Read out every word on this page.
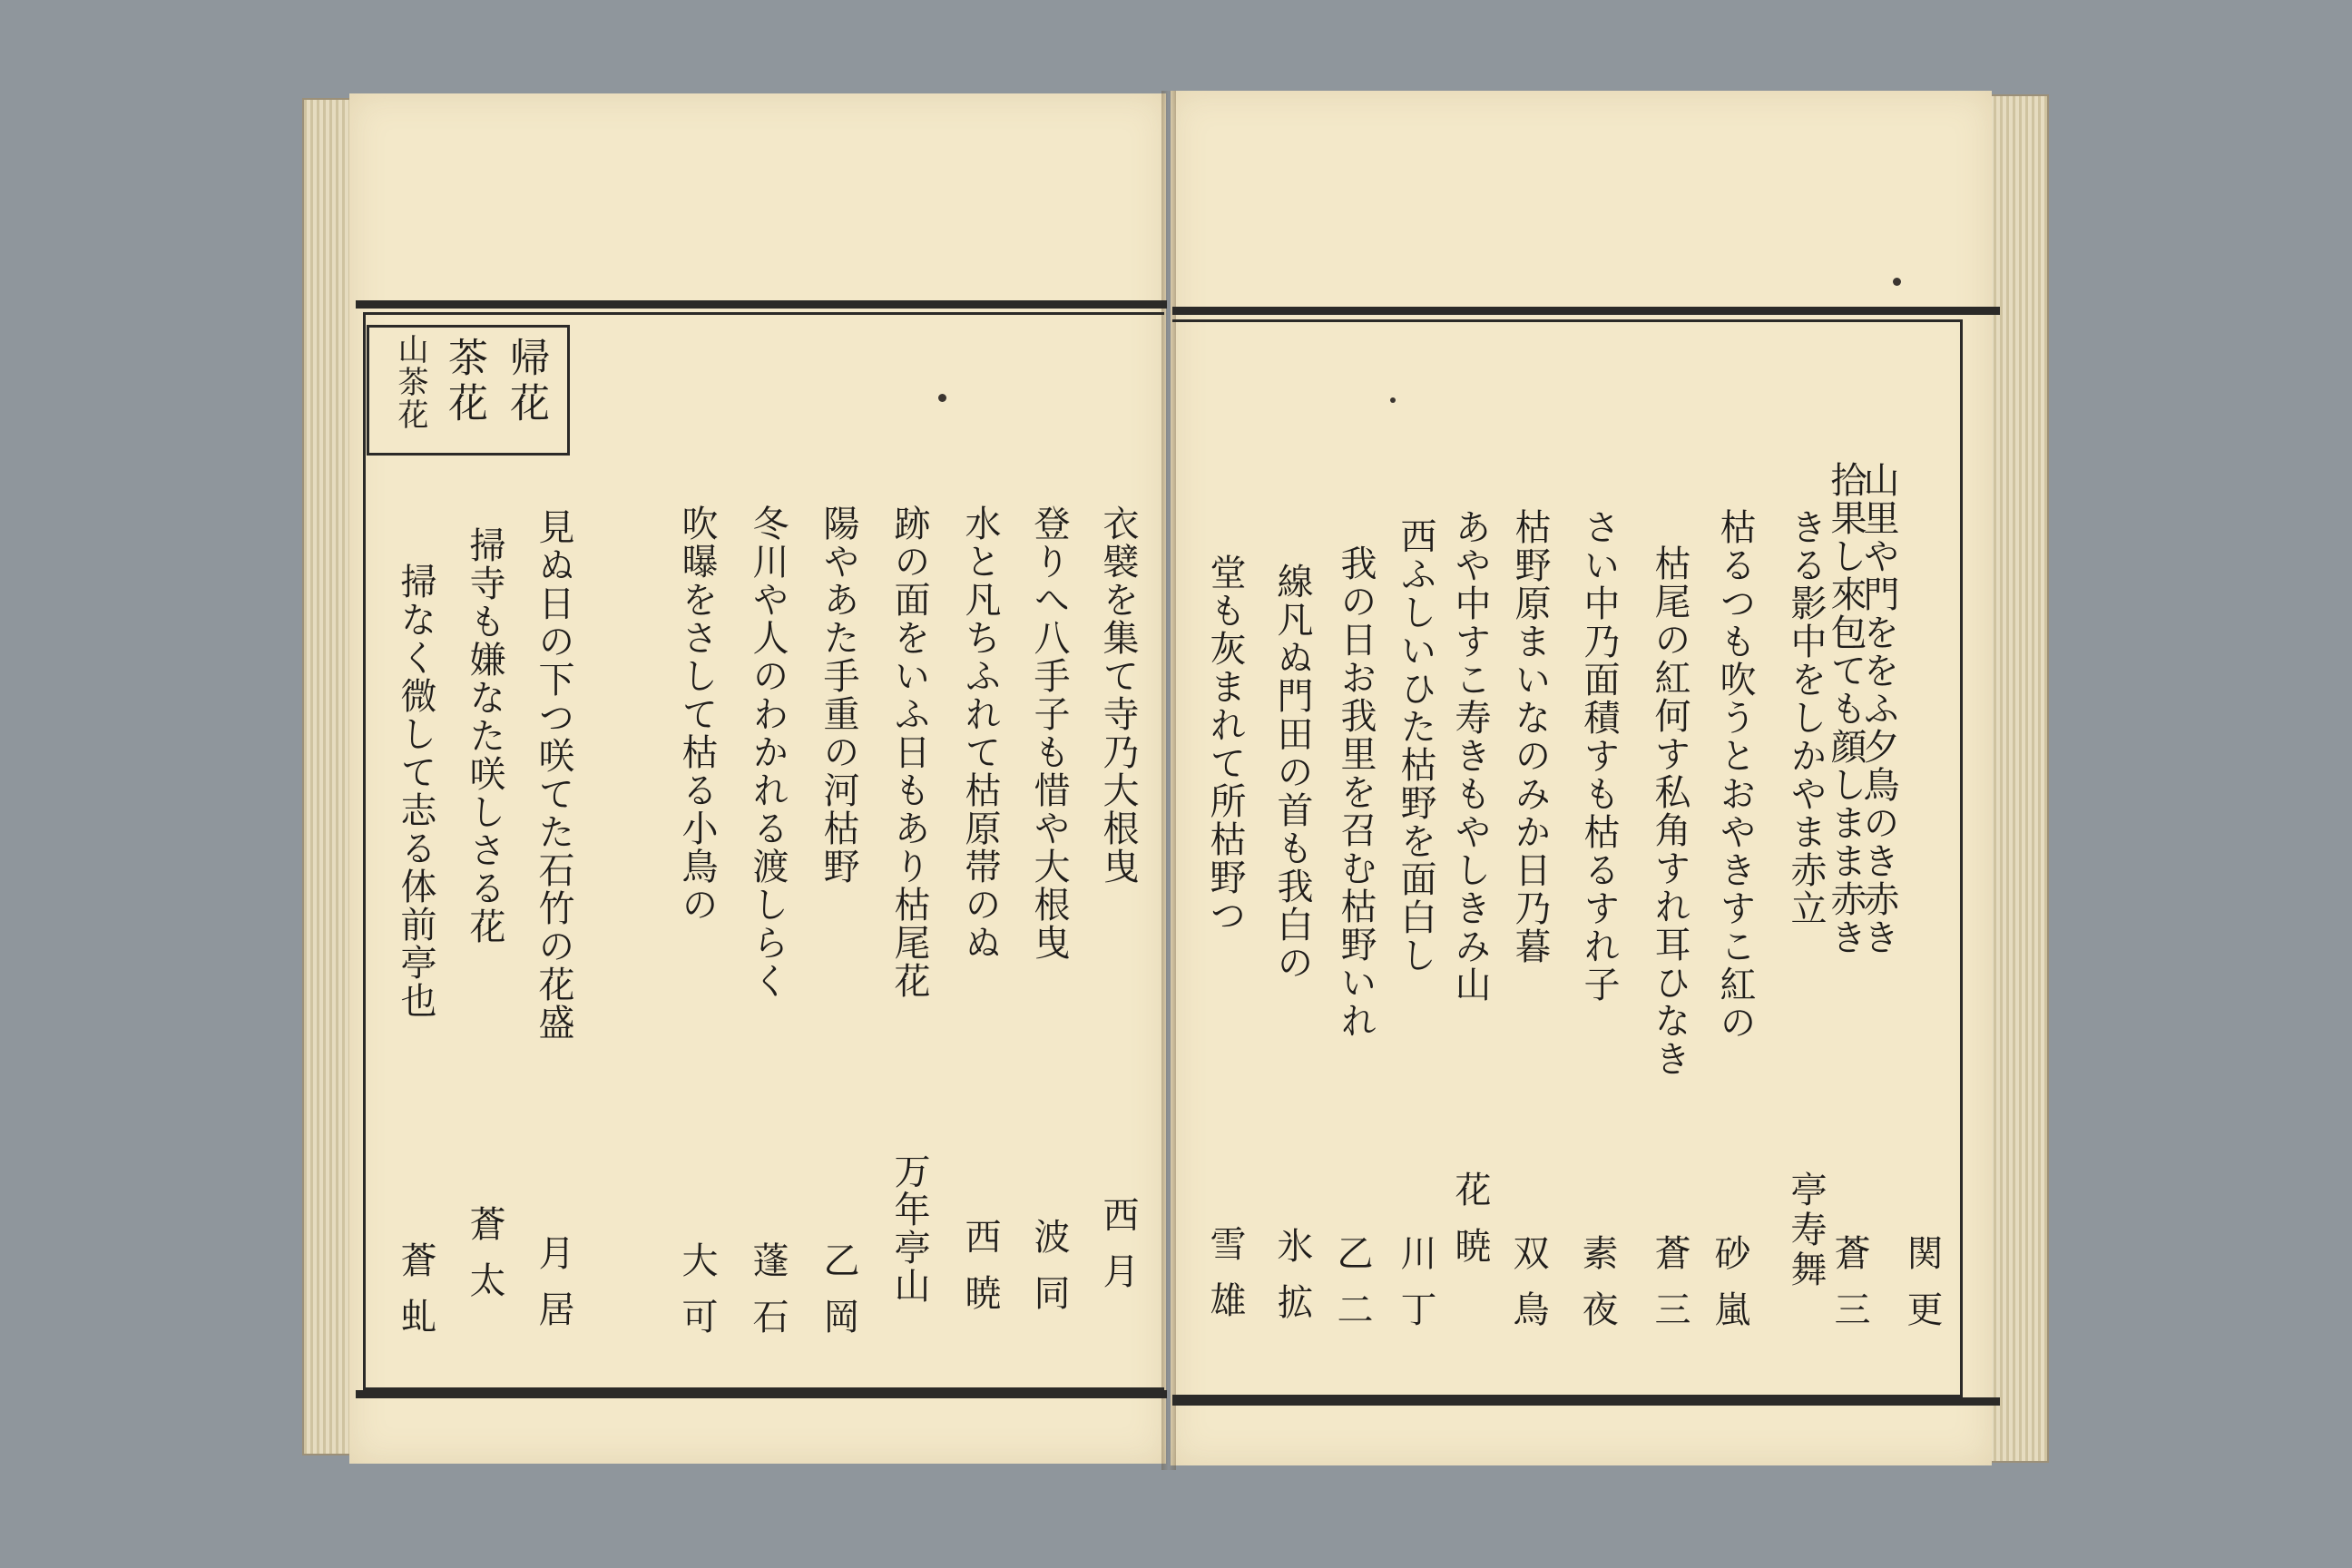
帰花
茶花
山茶花
衣襞を集て寺乃大根曳
登りへ八手子も惜や大根曳
水と凡ちふれて枯原帯のぬ
跡の面をいふ日もあり枯尾花
陽やあた手重の河枯野
冬川や人のわかれる渡しらく
吹曝をさして枯る小鳥の
見ぬ日の下つ咲てた石竹の花盛
掃寺も嫌なた咲しさる花
掃なく微して志る体前亭也
西月
波同
西暁
万年亭山
乙岡
蓬石
大可
月居
蒼太
蒼虬
拾果し來包ても顔しまま赤き
山里や門ををふ夕鳥のき赤き
きる影中をしかやま赤立
枯るつも吹うとおやきすこ紅の
枯尾の紅何す私角すれ耳ひなき
さい中乃面積すも枯るすれ子
枯野原まいなのみか日乃暮
あや中すこ寿きもやしきみ山
西ふしいひた枯野を面白し
我の日お我里を召む枯野いれ
線凡ぬ門田の首も我白の
堂も灰まれて所枯野つ
関更
蒼三
亭寿舞
砂嵐
蒼三
素夜
双鳥
花暁
川丁
乙二
氷拡
雪雄
